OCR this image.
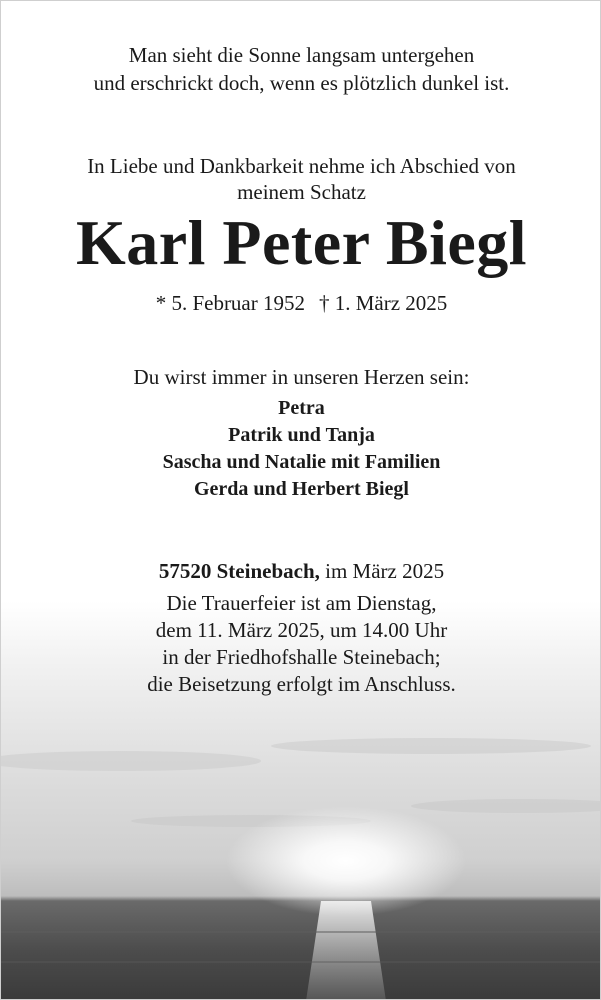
Man sieht die Sonne langsam untergehen
und erschrickt doch, wenn es plötzlich dunkel ist.
In Liebe und Dankbarkeit nehme ich Abschied von
meinem Schatz
Karl Peter Biegl
* 5. Februar 1952 † 1. März 2025
Du wirst immer in unseren Herzen sein:
Petra
Patrik und Tanja
Sascha und Natalie mit Familien
Gerda und Herbert Biegl
57520 Steinebach, im März 2025
Die Trauerfeier ist am Dienstag,
dem 11. März 2025, um 14.00 Uhr
in der Friedhofshalle Steinebach;
die Beisetzung erfolgt im Anschluss.
